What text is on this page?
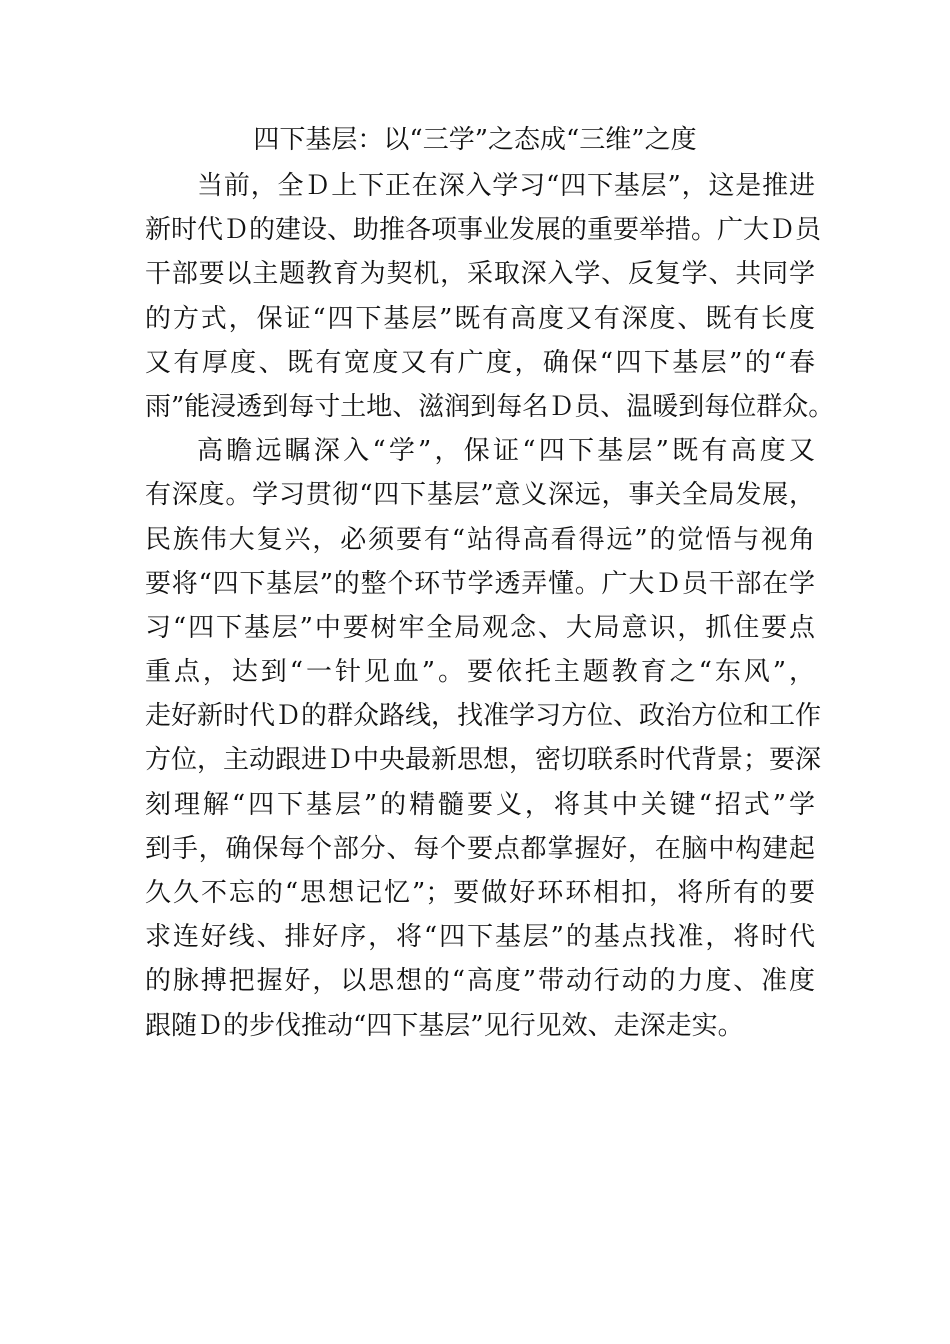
四下基层：以“三学”之态成“三维”之度
当前，全Ｄ上下正在深入学习“四下基层”，这是推进
新时代Ｄ的建设、助推各项事业发展的重要举措。广大Ｄ员
干部要以主题教育为契机，采取深入学、反复学、共同学
的方式，保证“四下基层”既有高度又有深度、既有长度
又有厚度、既有宽度又有广度，确保“四下基层”的“春
雨”能浸透到每寸土地、滋润到每名Ｄ员、温暖到每位群众。
高瞻远瞩深入“学”，保证“四下基层”既有高度又
有深度。学习贯彻“四下基层”意义深远，事关全局发展，
民族伟大复兴，必须要有“站得高看得远”的觉悟与视角
要将“四下基层”的整个环节学透弄懂。广大Ｄ员干部在学
习“四下基层”中要树牢全局观念、大局意识，抓住要点
重点，达到“一针见血”。要依托主题教育之“东风”，
走好新时代Ｄ的群众路线，找准学习方位、政治方位和工作
方位，主动跟进Ｄ中央最新思想，密切联系时代背景；要深
刻理解“四下基层”的精髓要义，将其中关键“招式”学
到手，确保每个部分、每个要点都掌握好，在脑中构建起
久久不忘的“思想记忆”；要做好环环相扣，将所有的要
求连好线、排好序，将“四下基层”的基点找准，将时代
的脉搏把握好，以思想的“高度”带动行动的力度、准度
跟随Ｄ的步伐推动“四下基层”见行见效、走深走实。
